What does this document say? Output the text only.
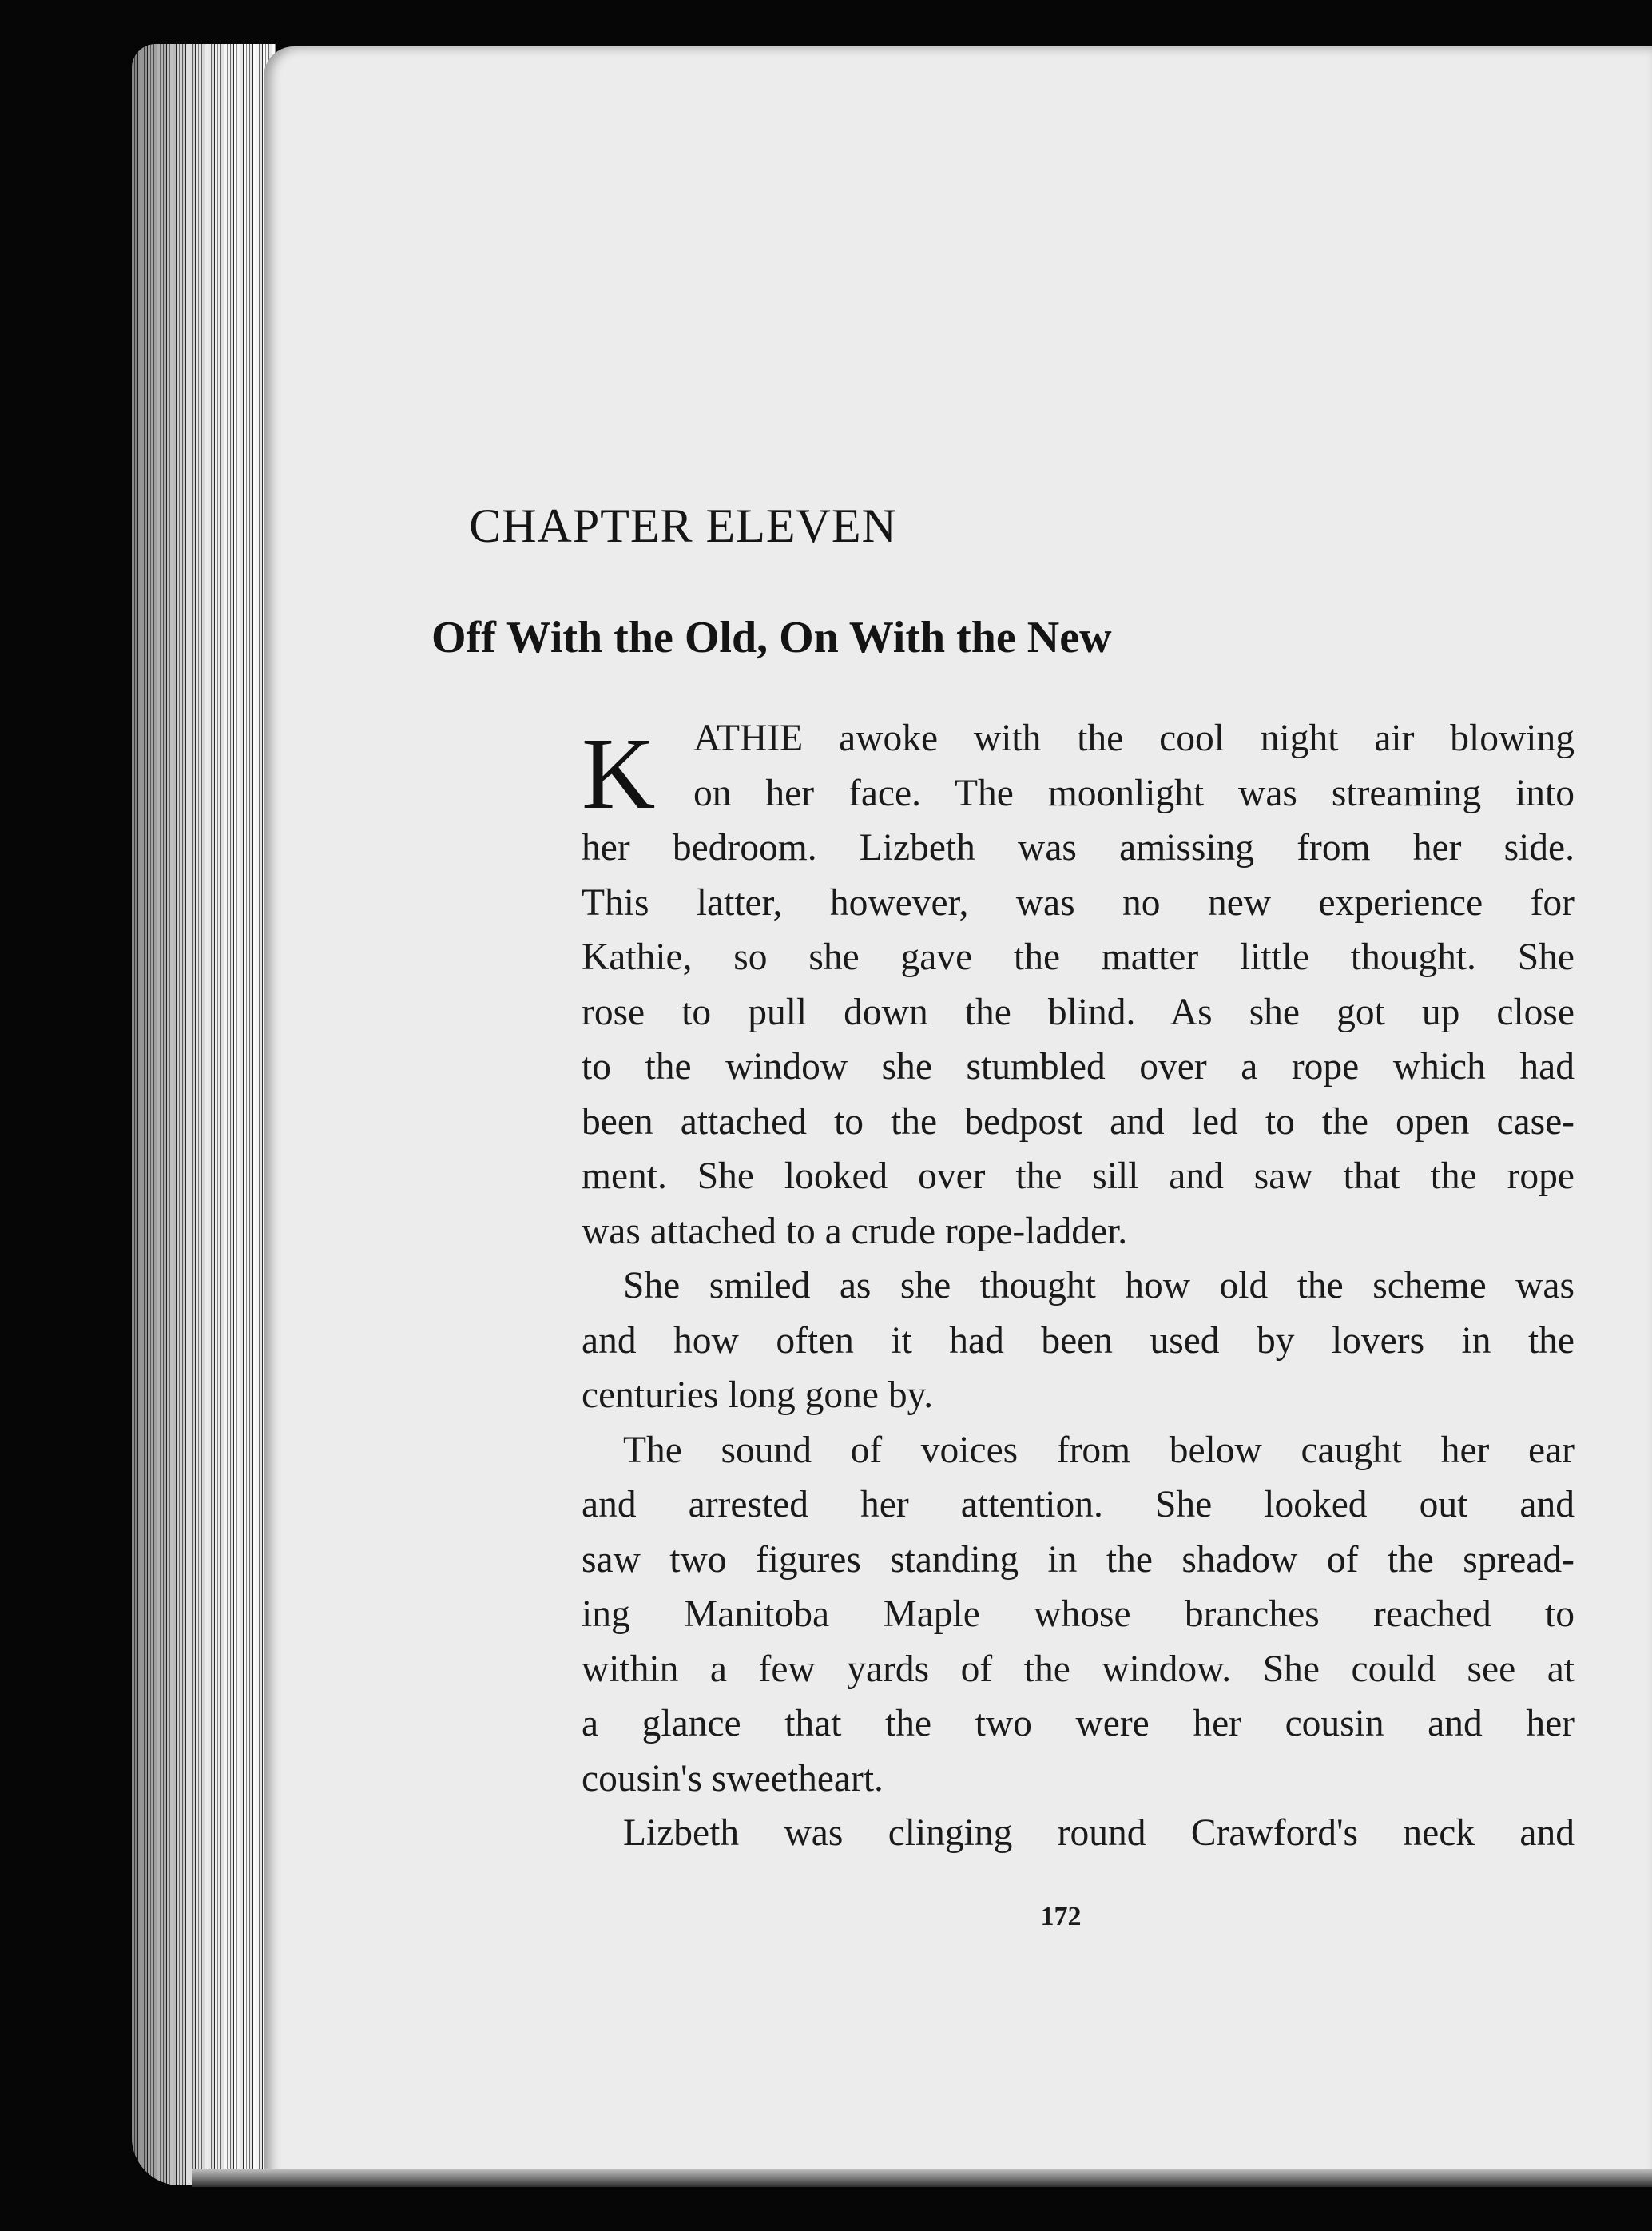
CHAPTER ELEVEN
Off With the Old, On With the New
K	ATHIE awoke with the cool night air blowing
on her face. The moonlight was streaming into
her bedroom. Lizbeth was amissing from her side.
This latter, however, was no new experience for
Kathie, so she gave the matter little thought. She
rose to pull down the blind. As she got up close
to the window she stumbled over a rope which had
been attached to the bedpost and led to the open case-
ment. She looked over the sill and saw that the rope
was attached to a crude rope-ladder.
She smiled as she thought how old the scheme was
and how often it had been used by lovers in the
centuries long gone by.
The sound of voices from below caught her ear
and arrested her attention. She looked out and
saw two figures standing in the shadow of the spread-
ing Manitoba Maple whose branches reached to
within a few yards of the window. She could see at
a glance that the two were her cousin and her
cousin's sweetheart.
Lizbeth was clinging round Crawford's neck and
172
